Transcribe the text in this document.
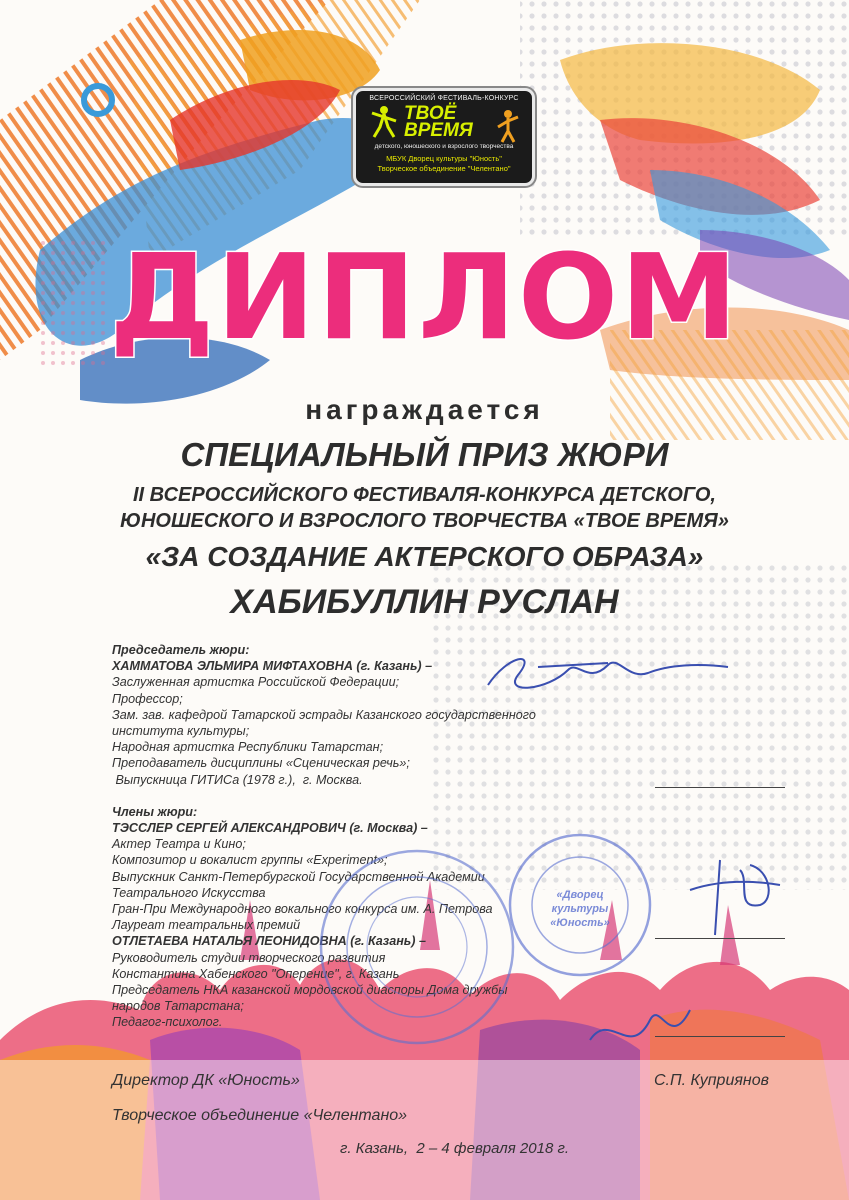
ВСЕРОССИЙСКИЙ ФЕСТИВАЛЬ-КОНКУРС
ТВОЁ
ВРЕМЯ
детского, юношеского и взрослого творчества
МБУК Дворец культуры "Юность"
Творческое объединение "Челентано"
ДИПЛОМ
награждается
СПЕЦИАЛЬНЫЙ ПРИЗ ЖЮРИ
II ВСЕРОССИЙСКОГО ФЕСТИВАЛЯ-КОНКУРСА ДЕТСКОГО,
ЮНОШЕСКОГО И ВЗРОСЛОГО ТВОРЧЕСТВА «ТВОЕ ВРЕМЯ»
«ЗА СОЗДАНИЕ АКТЕРСКОГО ОБРАЗА»
ХАБИБУЛЛИН РУСЛАН
Председатель жюри:
ХАММАТОВА ЭЛЬМИРА МИФТАХОВНА (г. Казань) –
Заслуженная артистка Российской Федерации;
Профессор;
Зам. зав. кафедрой Татарской эстрады Казанского государственного
института культуры;
Народная артистка Республики Татарстан;
Преподаватель дисциплины «Сценическая речь»;
Выпускница ГИТИСа (1978 г.),  г. Москва.
Члены жюри:
ТЭССЛЕР СЕРГЕЙ АЛЕКСАНДРОВИЧ (г. Москва) –
Актер Театра и Кино;
Композитор и вокалист группы «Experiment»;
Выпускник Санкт-Петербургской Государственной Академии
Театрального Искусства
Гран-При Международного вокального конкурса им. А. Петрова
Лауреат театральных премий
ОТЛЕТАЕВА НАТАЛЬЯ ЛЕОНИДОВНА (г. Казань) –
Руководитель студии творческого развития
Константина Хабенского "Оперение", г. Казань
Председатель НКА казанской мордовской диаспоры Дома дружбы
народов Татарстана;
Педагог-психолог.
«Дворец культуры «Юность»
Директор ДК «Юность»	С.П. Куприянов
Творческое объединение «Челентано»
г. Казань,  2 – 4 февраля 2018 г.
